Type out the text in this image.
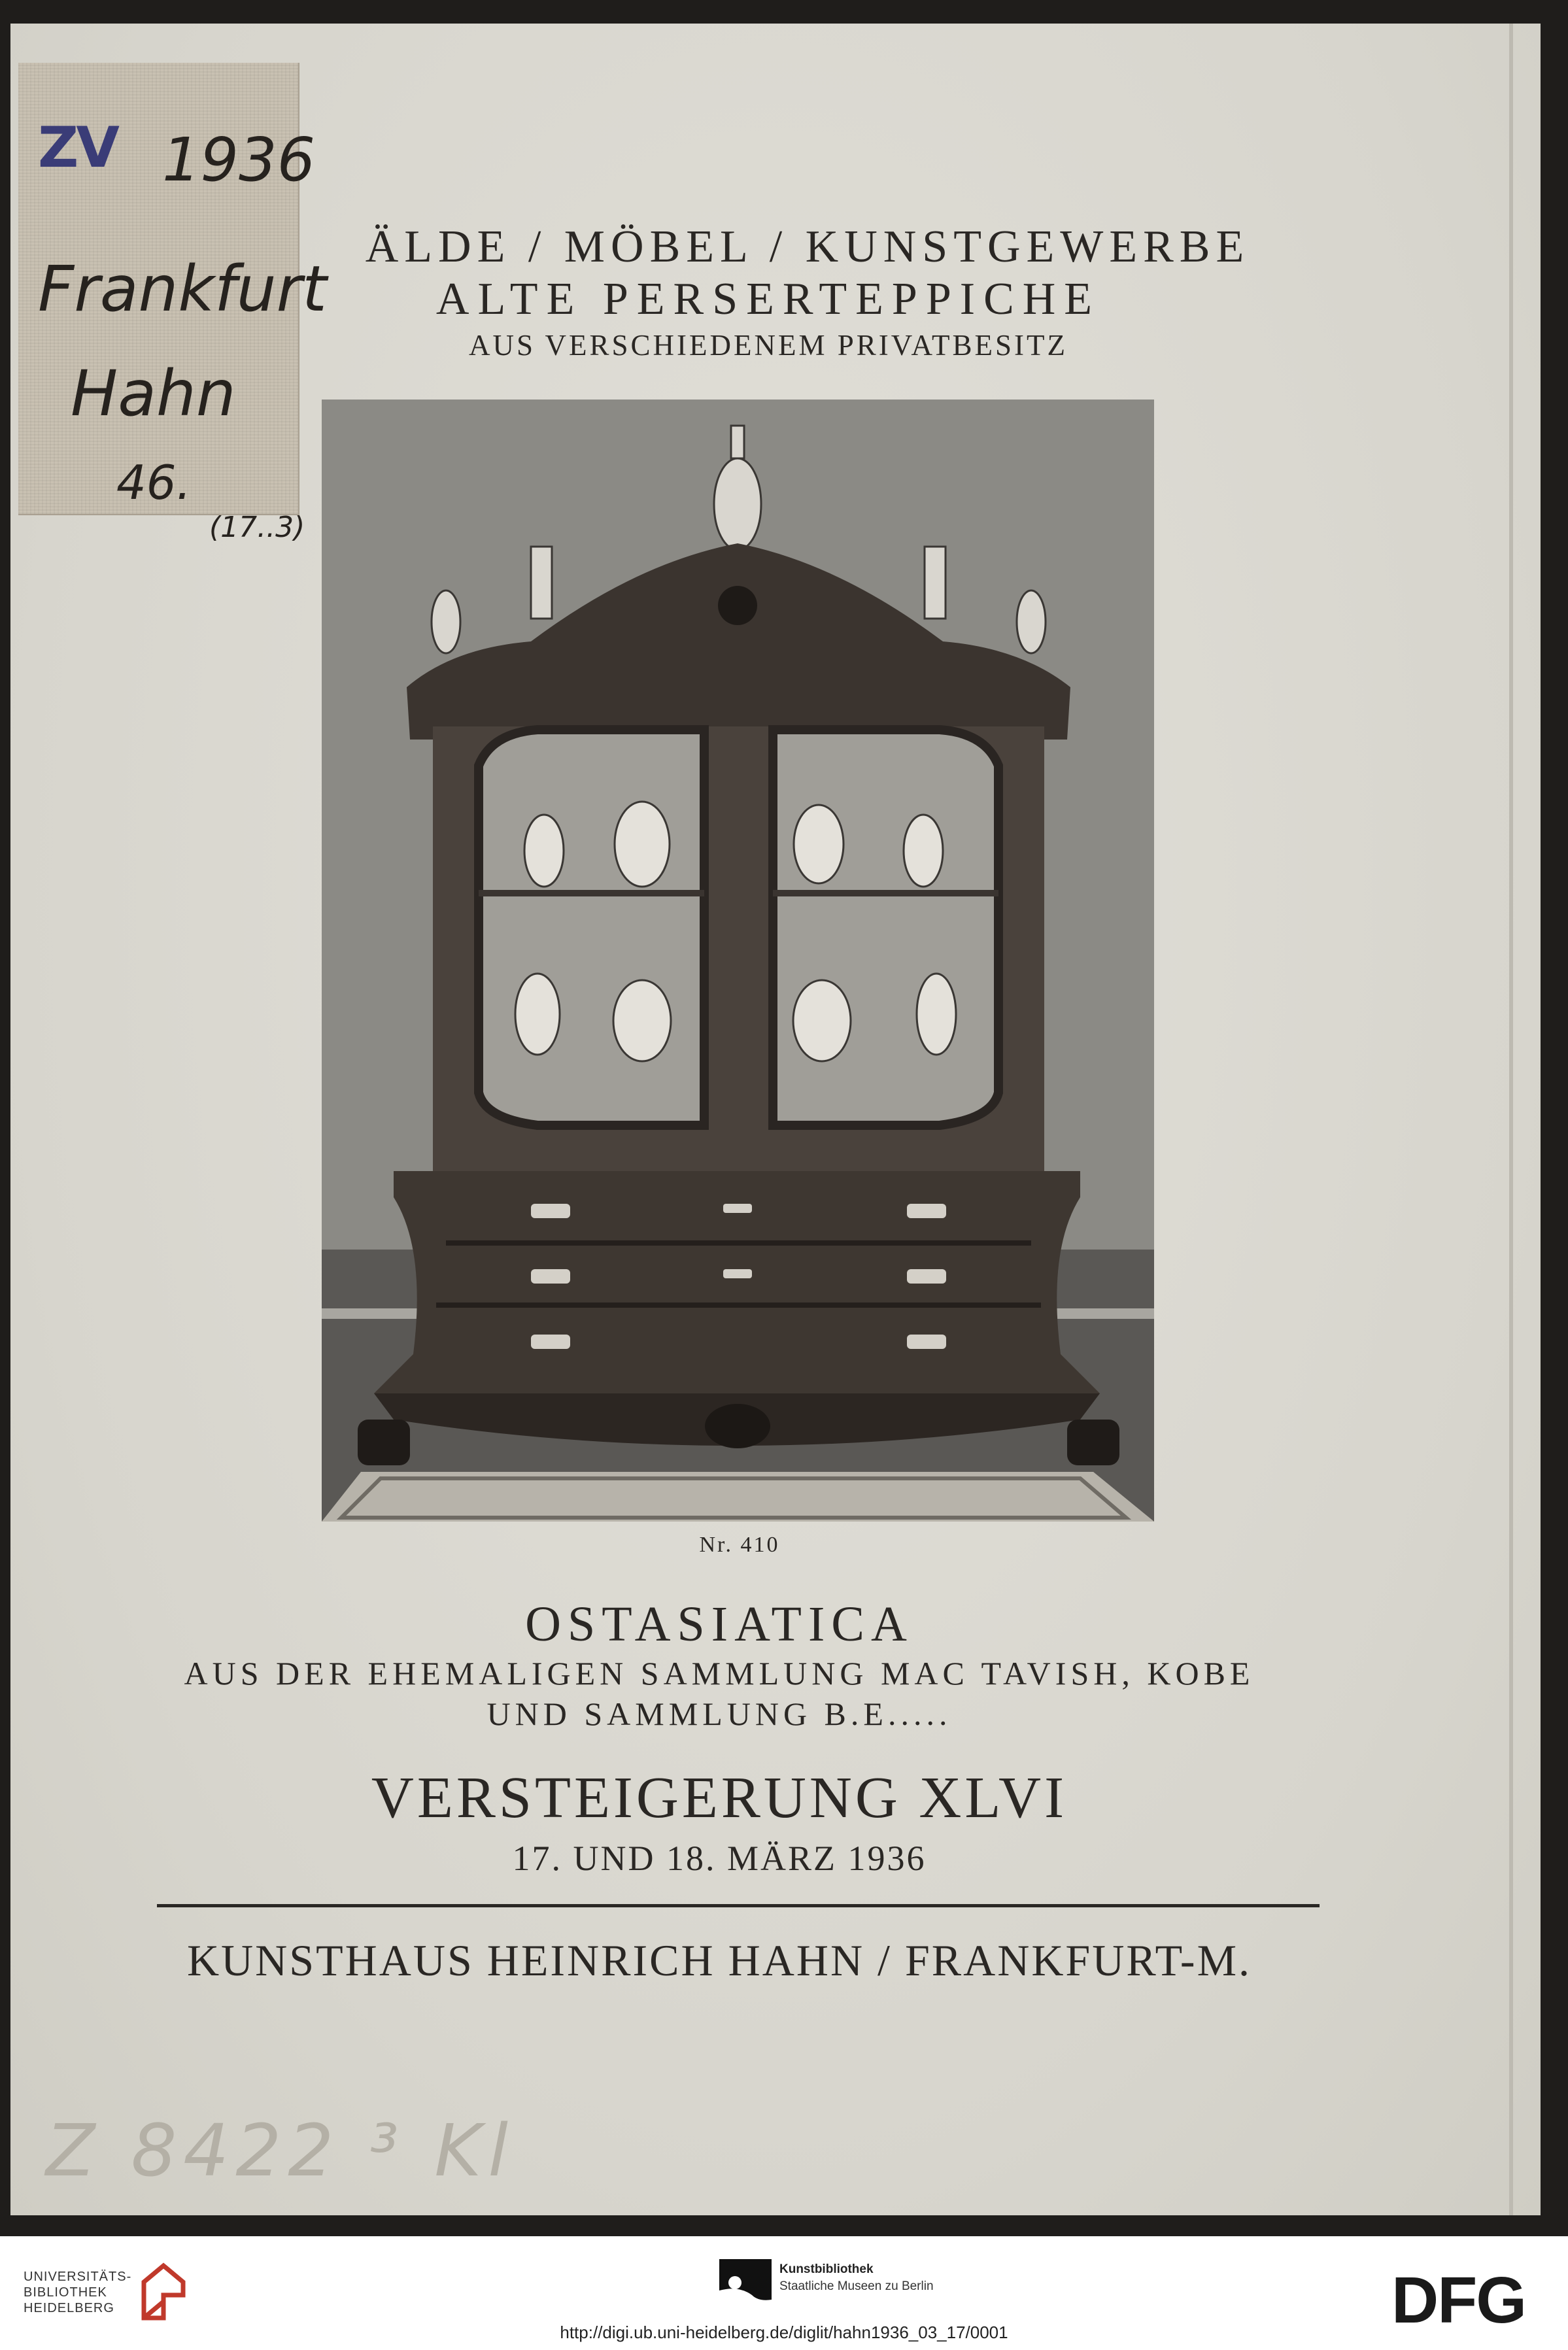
ZV 1936
Frankfurt
Hahn
46.
(17..3)
ÄLDE / MÖBEL / KUNSTGEWERBE
ALTE PERSERTEPPICHE
AUS VERSCHIEDENEM PRIVATBESITZ
Nr. 410
OSTASIATICA
AUS DER EHEMALIGEN SAMMLUNG MAC TAVISH, KOBE
UND SAMMLUNG B.E.....
VERSTEIGERUNG XLVI
17. UND 18. MÄRZ 1936
KUNSTHAUS HEINRICH HAHN / FRANKFURT-M.
Z 8422 ³ Kl
UNIVERSITÄTS-
BIBLIOTHEK
HEIDELBERG
Kunstbibliothek
Staatliche Museen zu Berlin	DFG
http://digi.ub.uni-heidelberg.de/diglit/hahn1936_03_17/0001
